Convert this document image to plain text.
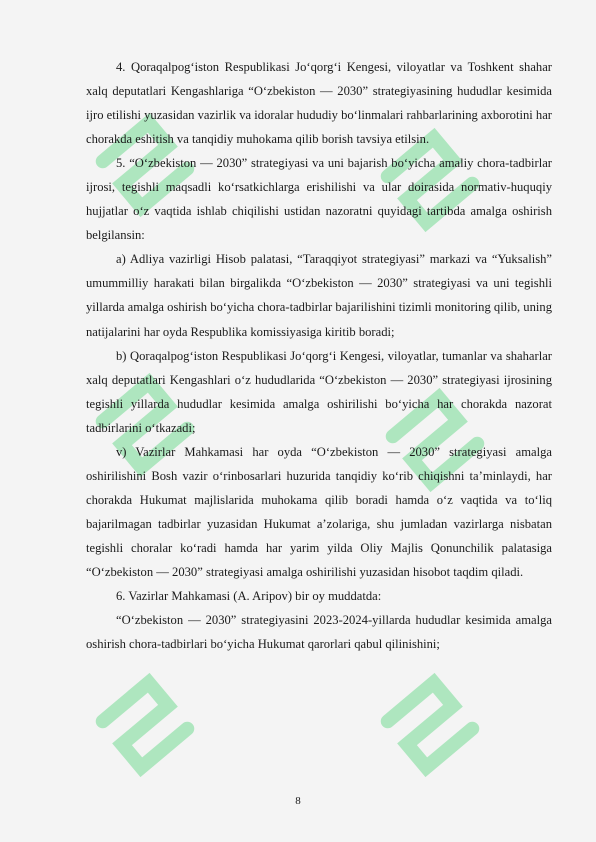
4. Qoraqalpog‘iston Respublikasi Jo‘qorg‘i Kengesi, viloyatlar va Toshkent shahar xalq deputatlari Kengashlariga “O‘zbekiston — 2030” strategiyasining hududlar kesimida ijro etilishi yuzasidan vazirlik va idoralar hududiy bo‘linmalari rahbarlarining axborotini har chorakda eshitish va tanqidiy muhokama qilib borish tavsiya etilsin.

5. “O‘zbekiston — 2030” strategiyasi va uni bajarish bo‘yicha amaliy chora-tadbirlar ijrosi, tegishli maqsadli ko‘rsatkichlarga erishilishi va ular doirasida normativ-huquqiy hujjatlar o‘z vaqtida ishlab chiqilishi ustidan nazoratni quyidagi tartibda amalga oshirish belgilansin:

a) Adliya vazirligi Hisob palatasi, “Taraqqiyot strategiyasi” markazi va “Yuksalish” umummilliy harakati bilan birgalikda “O‘zbekiston — 2030” strategiyasi va uni tegishli yillarda amalga oshirish bo‘yicha chora-tadbirlar bajarilishini tizimli monitoring qilib, uning natijalarini har oyda Respublika komissiyasiga kiritib boradi;

b) Qoraqalpog‘iston Respublikasi Jo‘qorg‘i Kengesi, viloyatlar, tumanlar va shaharlar xalq deputatlari Kengashlari o‘z hududlarida “O‘zbekiston — 2030” strategiyasi ijrosining tegishli yillarda hududlar kesimida amalga oshirilishi bo‘yicha har chorakda nazorat tadbirlarini o‘tkazadi;

v) Vazirlar Mahkamasi har oyda “O‘zbekiston — 2030” strategiyasi amalga oshirilishini Bosh vazir o‘rinbosarlari huzurida tanqidiy ko‘rib chiqishni ta’minlaydi, har chorakda Hukumat majlislarida muhokama qilib boradi hamda o‘z vaqtida va to‘liq bajarilmagan tadbirlar yuzasidan Hukumat a’zolariga, shu jumladan vazirlarga nisbatan tegishli choralar ko‘radi hamda har yarim yilda Oliy Majlis Qonunchilik palatasiga “O‘zbekiston — 2030” strategiyasi amalga oshirilishi yuzasidan hisobot taqdim qiladi.

6. Vazirlar Mahkamasi (A. Aripov) bir oy muddatda:

“O‘zbekiston — 2030” strategiyasini 2023-2024-yillarda hududlar kesimida amalga oshirish chora-tadbirlari bo‘yicha Hukumat qarorlari qabul qilinishini;

8
